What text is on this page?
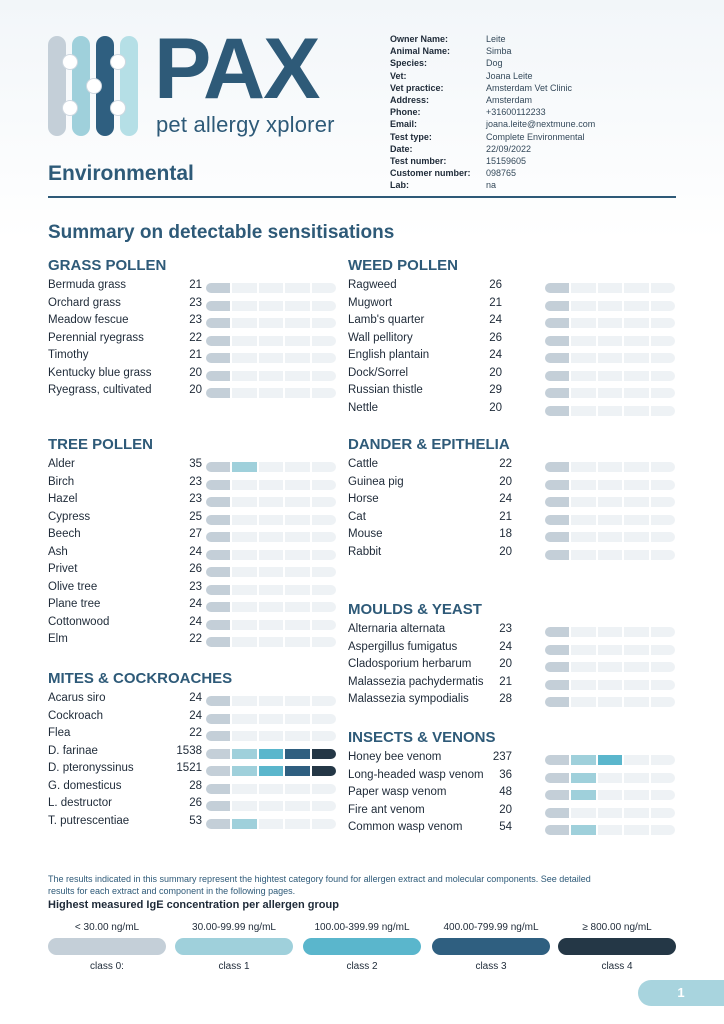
PAX
pet allergy xplorer
Owner Name:	Leite
Animal Name:	Simba
Species:	Dog
Vet:	Joana Leite
Vet practice:	Amsterdam Vet Clinic
Address:	Amsterdam
Phone:	+31600112233
Email:	joana.leite@nextmune.com
Test type:	Complete Environmental
Date:	22/09/2022
Test number:	15159605
Customer number:	098765
Lab:	na
Environmental
Summary on detectable sensitisations
GRASS POLLEN
Bermuda grass	21
Orchard grass	23
Meadow fescue	23
Perennial ryegrass	22
Timothy	21
Kentucky blue grass	20
Ryegrass, cultivated	20
WEED POLLEN
Ragweed	26
Mugwort	21
Lamb's quarter	24
Wall pellitory	26
English plantain	24
Dock/Sorrel	20
Russian thistle	29
Nettle	20
TREE POLLEN
Alder	35
Birch	23
Hazel	23
Cypress	25
Beech	27
Ash	24
Privet	26
Olive tree	23
Plane tree	24
Cottonwood	24
Elm	22
DANDER & EPITHELIA
Cattle	22
Guinea pig	20
Horse	24
Cat	21
Mouse	18
Rabbit	20
MOULDS & YEAST
Alternaria alternata	23
Aspergillus fumigatus	24
Cladosporium herbarum	20
Malassezia pachydermatis	21
Malassezia sympodialis	28
MITES & COCKROACHES
Acarus siro	24
Cockroach	24
Flea	22
D. farinae	1538
D. pteronyssinus	1521
G. domesticus	28
L. destructor	26
T. putrescentiae	53
INSECTS & VENONS
Honey bee venom	237
Long-headed wasp venom	36
Paper wasp venom	48
Fire ant venom	20
Common wasp venom	54
The results indicated in this summary represent the hightest category found for allergen extract and molecular components. See detailed results for each extract and component in the following pages.
Highest measured IgE concentration per allergen group
< 30.00 ng/mL
class 0:
30.00-99.99 ng/mL
class 1
100.00-399.99 ng/mL
class 2
400.00-799.99 ng/mL
class 3
≥ 800.00 ng/mL
class 4
1
